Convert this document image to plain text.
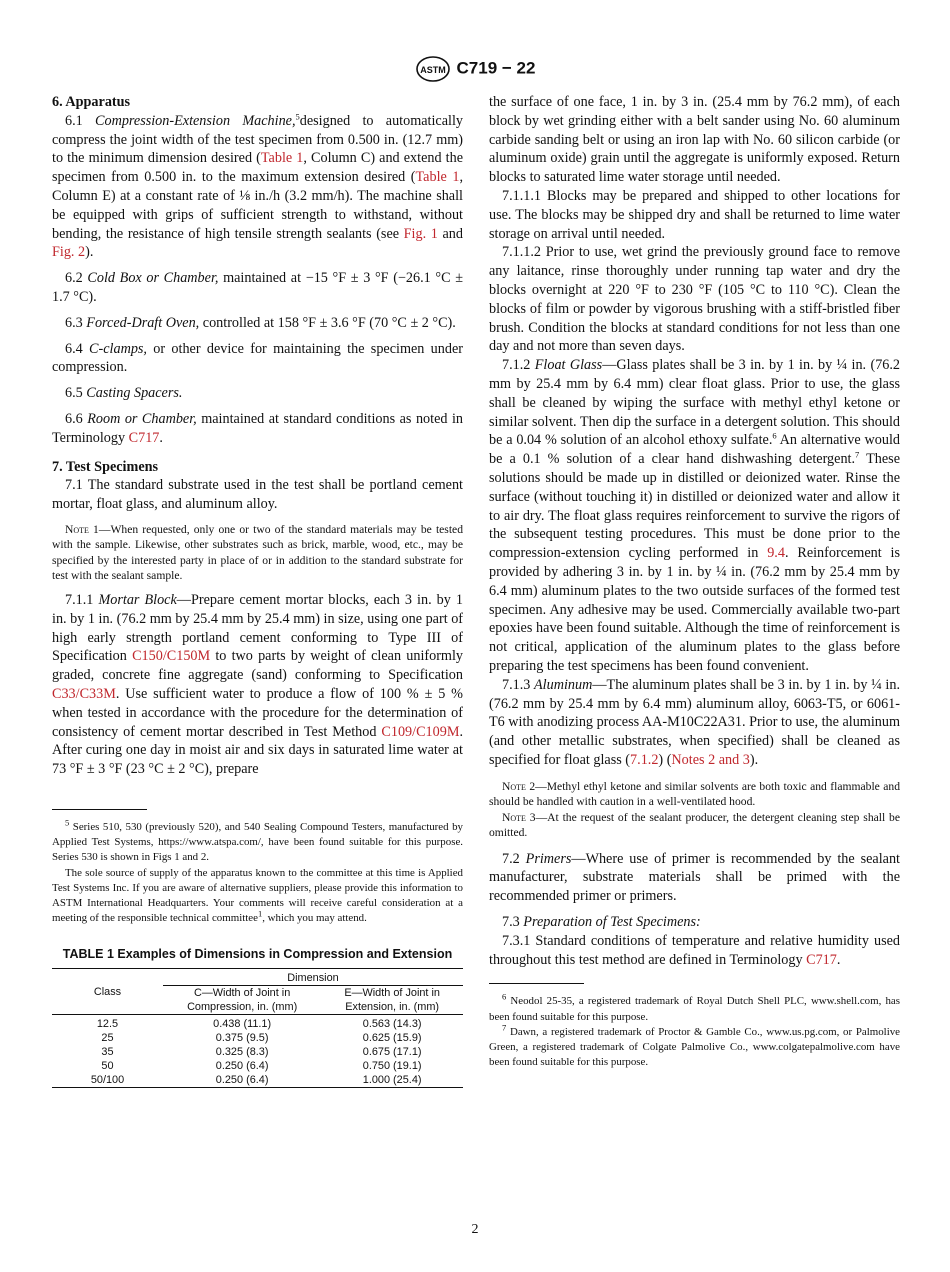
ASTM C719 − 22

6. Apparatus

6.1 Compression-Extension Machine,$^5$designed to automatically compress the joint width of the test specimen from 0.500 in. (12.7 mm) to the minimum dimension desired (Table 1, Column C) and extend the specimen from 0.500 in. to the maximum extension desired (Table 1, Column E) at a constant rate of ⅛ in./h (3.2 mm/h). The machine shall be equipped with grips of sufficient strength to withstand, without bending, the resistance of high tensile strength sealants (see Fig. 1 and Fig. 2).

6.2 Cold Box or Chamber, maintained at −15 °F ± 3 °F (−26.1 °C ± 1.7 °C).

6.3 Forced-Draft Oven, controlled at 158 °F ± 3.6 °F (70 °C ± 2 °C).

6.4 C-clamps, or other device for maintaining the specimen under compression.

6.5 Casting Spacers.

6.6 Room or Chamber, maintained at standard conditions as noted in Terminology C717.

7. Test Specimens

7.1 The standard substrate used in the test shall be portland cement mortar, float glass, and aluminum alloy.

Note 1—When requested, only one or two of the standard materials may be tested with the sample. Likewise, other substrates such as brick, marble, wood, etc., may be specified by the interested party in place of or in addition to the standard substrate for test with the sealant sample.

7.1.1 Mortar Block—Prepare cement mortar blocks, each 3 in. by 1 in. by 1 in. (76.2 mm by 25.4 mm by 25.4 mm) in size, using one part of high early strength portland cement conforming to Type III of Specification C150/C150M to two parts by weight of clean uniformly graded, concrete fine aggregate (sand) conforming to Specification C33/C33M. Use sufficient water to produce a flow of 100 % ± 5 % when tested in accordance with the procedure for the determination of consistency of cement mortar described in Test Method C109/C109M. After curing one day in moist air and six days in saturated lime water at 73 °F ± 3 °F (23 °C ± 2 °C), prepare

$^5$ Series 510, 530 (previously 520), and 540 Sealing Compound Testers, manufactured by Applied Test Systems, https://www.atspa.com/, have been found suitable for this purpose. Series 530 is shown in Figs 1 and 2.

The sole source of supply of the apparatus known to the committee at this time is Applied Test Systems Inc. If you are aware of alternative suppliers, please provide this information to ASTM International Headquarters. Your comments will receive careful consideration at a meeting of the responsible technical committee$^1$, which you may attend.

TABLE 1 Examples of Dimensions in Compression and Extension
Class	Dimension	
	C—Width of Joint in Compression, in. (mm)	E—Width of Joint in Extension, in. (mm)
12.5	0.438 (11.1)	0.563 (14.3)
25	0.375 (9.5)	0.625 (15.9)
35	0.325 (8.3)	0.675 (17.1)
50	0.250 (6.4)	0.750 (19.1)
50/100	0.250 (6.4)	1.000 (25.4)

the surface of one face, 1 in. by 3 in. (25.4 mm by 76.2 mm), of each block by wet grinding either with a belt sander using No. 60 aluminum carbide sanding belt or using an iron lap with No. 60 silicon carbide (or aluminum oxide) grain until the aggregate is uniformly exposed. Return blocks to saturated lime water storage until needed.

7.1.1.1 Blocks may be prepared and shipped to other locations for use. The blocks may be shipped dry and shall be returned to lime water storage on arrival until needed.

7.1.1.2 Prior to use, wet grind the previously ground face to remove any laitance, rinse thoroughly under running tap water and dry the blocks overnight at 220 °F to 230 °F (105 °C to 110 °C). Clean the blocks of film or powder by vigorous brushing with a stiff-bristled fiber brush. Condition the blocks at standard conditions for not less than one day and not more than seven days.

7.1.2 Float Glass—Glass plates shall be 3 in. by 1 in. by ¼ in. (76.2 mm by 25.4 mm by 6.4 mm) clear float glass. Prior to use, the glass shall be cleaned by wiping the surface with methyl ethyl ketone or similar solvent. Then dip the surface in a detergent solution. This should be a 0.04 % solution of an alcohol ethoxy sulfate.$^6$ An alternative would be a 0.1 % solution of a clear hand dishwashing detergent.$^7$ These solutions should be made up in distilled or deionized water. Rinse the surface (without touching it) in distilled or deionized water and allow it to air dry. The float glass requires reinforcement to survive the rigors of the subsequent testing procedures. This must be done prior to the compression-extension cycling performed in 9.4. Reinforcement is provided by adhering 3 in. by 1 in. by ¼ in. (76.2 mm by 25.4 mm by 6.4 mm) aluminum plates to the two outside surfaces of the formed test specimen. Any adhesive may be used. Commercially available two-part epoxies have been found suitable. Although the time of reinforcement is not critical, application of the aluminum plates to the glass before preparing the test specimens has been found convenient.

7.1.3 Aluminum—The aluminum plates shall be 3 in. by 1 in. by ¼ in. (76.2 mm by 25.4 mm by 6.4 mm) aluminum alloy, 6063-T5, or 6061-T6 with anodizing process AA-M10C22A31. Prior to use, the aluminum (and other metallic substrates, when specified) shall be cleaned as specified for float glass (7.1.2) (Notes 2 and 3).

Note 2—Methyl ethyl ketone and similar solvents are both toxic and flammable and should be handled with caution in a well-ventilated hood.

Note 3—At the request of the sealant producer, the detergent cleaning step shall be omitted.

7.2 Primers—Where use of primer is recommended by the sealant manufacturer, substrate materials shall be primed with the recommended primer or primers.

7.3 Preparation of Test Specimens:

7.3.1 Standard conditions of temperature and relative humidity used throughout this test method are defined in Terminology C717.

$^6$ Neodol 25-35, a registered trademark of Royal Dutch Shell PLC, www.shell.com, has been found suitable for this purpose.

$^7$ Dawn, a registered trademark of Proctor & Gamble Co., www.us.pg.com, or Palmolive Green, a registered trademark of Colgate Palmolive Co., www.colgatepalmolive.com have been found suitable for this purpose.

2
